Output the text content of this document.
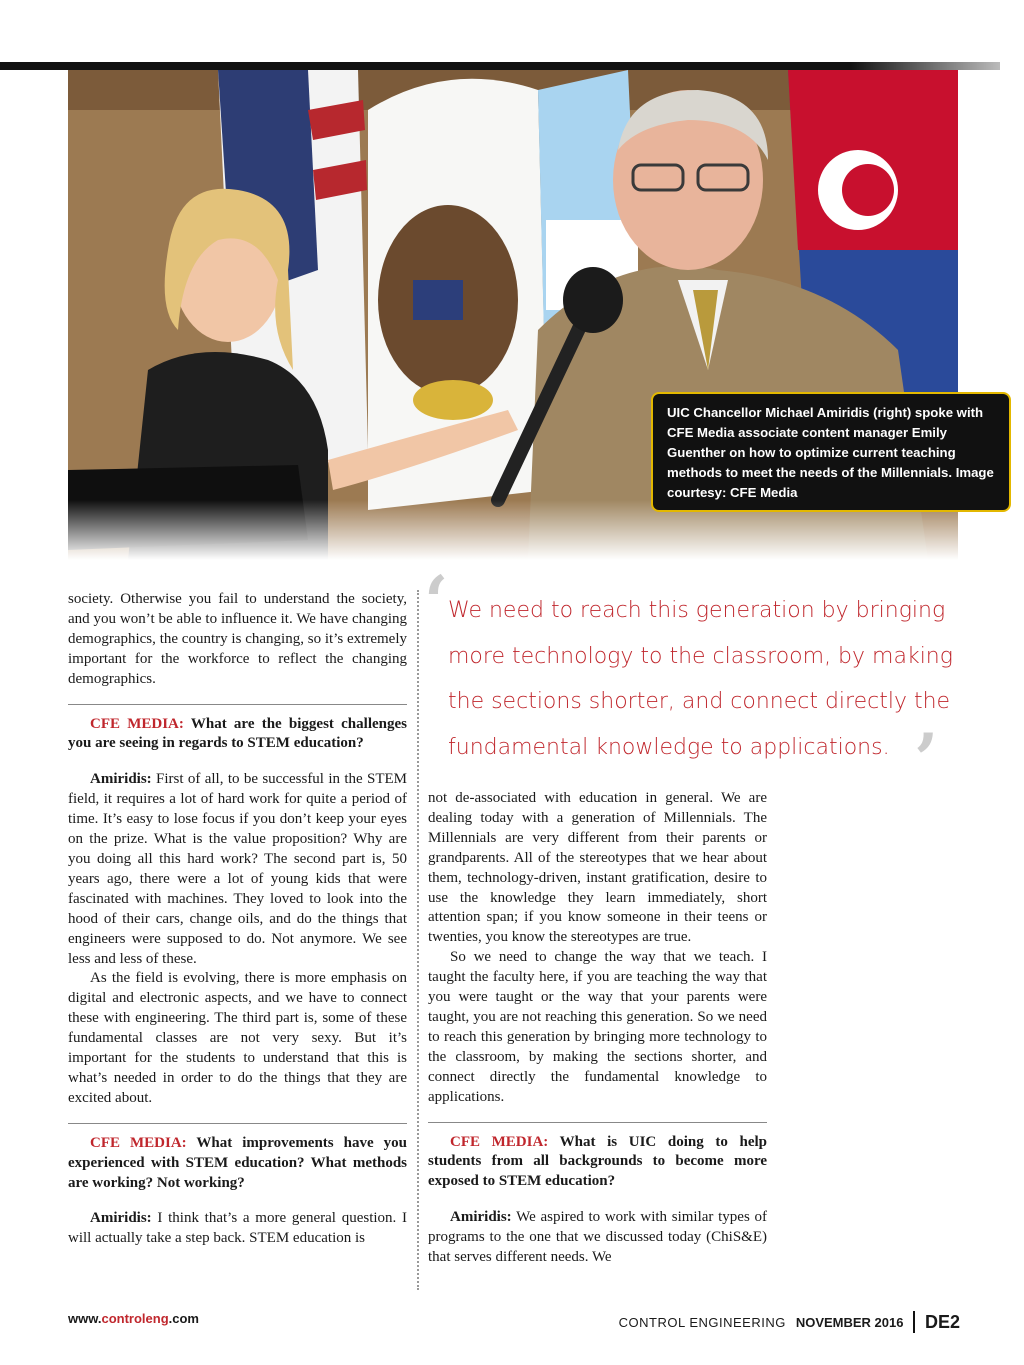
UIC Chancellor Michael Amiridis (right) spoke with CFE Media associate content manager Emily Guenther on how to optimize current teaching methods to meet the needs of the Millennials. Image courtesy: CFE Media

society. Otherwise you fail to understand the society, and you won’t be able to influence it. We have changing demographics, the country is changing, so it’s extremely important for the workforce to reflect the changing demographics.

CFE MEDIA: What are the biggest challenges you are seeing in regards to STEM education?

Amiridis: First of all, to be successful in the STEM field, it requires a lot of hard work for quite a period of time. It’s easy to lose focus if you don’t keep your eyes on the prize. What is the value proposition? Why are you doing all this hard work? The second part is, 50 years ago, there were a lot of young kids that were fascinated with machines. They loved to look into the hood of their cars, change oils, and do the things that engineers were supposed to do. Not anymore. We see less and less of these.

As the field is evolving, there is more emphasis on digital and electronic aspects, and we have to connect these with engineering. The third part is, some of these fundamental classes are not very sexy. But it’s important for the students to understand that this is what’s needed in order to do the things that they are excited about.

CFE MEDIA: What improvements have you experienced with STEM education? What methods are working? Not working?

Amiridis: I think that’s a more general question. I will actually take a step back. STEM education is

‘ We need to reach this generation by bringing more technology to the classroom, by making the sections shorter, and connect directly the fundamental knowledge to applications. ’

not de-associated with education in general. We are dealing today with a generation of Millennials. The Millennials are very different from their parents or grandparents. All of the stereotypes that we hear about them, technology-driven, instant gratification, desire to use the knowledge they learn immediately, short attention span; if you know someone in their teens or twenties, you know the stereotypes are true.

So we need to change the way that we teach. I taught the faculty here, if you are teaching the way that you were taught or the way that your parents were taught, you are not reaching this generation. So we need to reach this generation by bringing more technology to the classroom, by making the sections shorter, and connect directly the fundamental knowledge to applications.

CFE MEDIA: What is UIC doing to help students from all backgrounds to become more exposed to STEM education?

Amiridis: We aspired to work with similar types of programs to the one that we discussed today (ChiS&E) that serves different needs. We

www.controleng.com	CONTROL ENGINEERING NOVEMBER 2016 DE2
